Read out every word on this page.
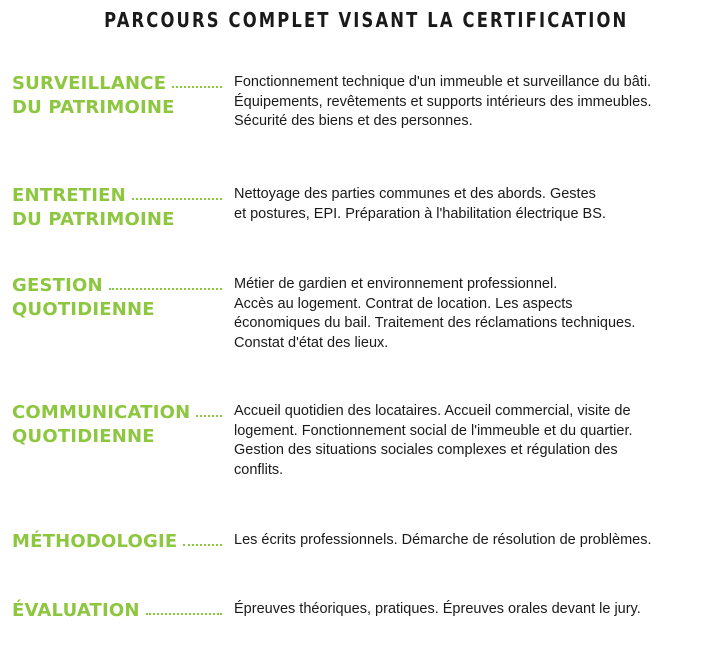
PARCOURS COMPLET VISANT LA CERTIFICATION
SURVEILLANCE
DU PATRIMOINE
Fonctionnement technique d'un immeuble et surveillance du bâti.
Équipements, revêtements et supports intérieurs des immeubles.
Sécurité des biens et des personnes.
ENTRETIEN
DU PATRIMOINE
Nettoyage des parties communes et des abords. Gestes
et postures, EPI. Préparation à l'habilitation électrique BS.
GESTION
QUOTIDIENNE
Métier de gardien et environnement professionnel.
Accès au logement. Contrat de location. Les aspects
économiques du bail. Traitement des réclamations techniques.
Constat d'état des lieux.
COMMUNICATION
QUOTIDIENNE
Accueil quotidien des locataires. Accueil commercial, visite de
logement. Fonctionnement social de l'immeuble et du quartier.
Gestion des situations sociales complexes et régulation des
conflits.
MÉTHODOLOGIE	Les écrits professionnels. Démarche de résolution de problèmes.
ÉVALUATION	Épreuves théoriques, pratiques. Épreuves orales devant le jury.
